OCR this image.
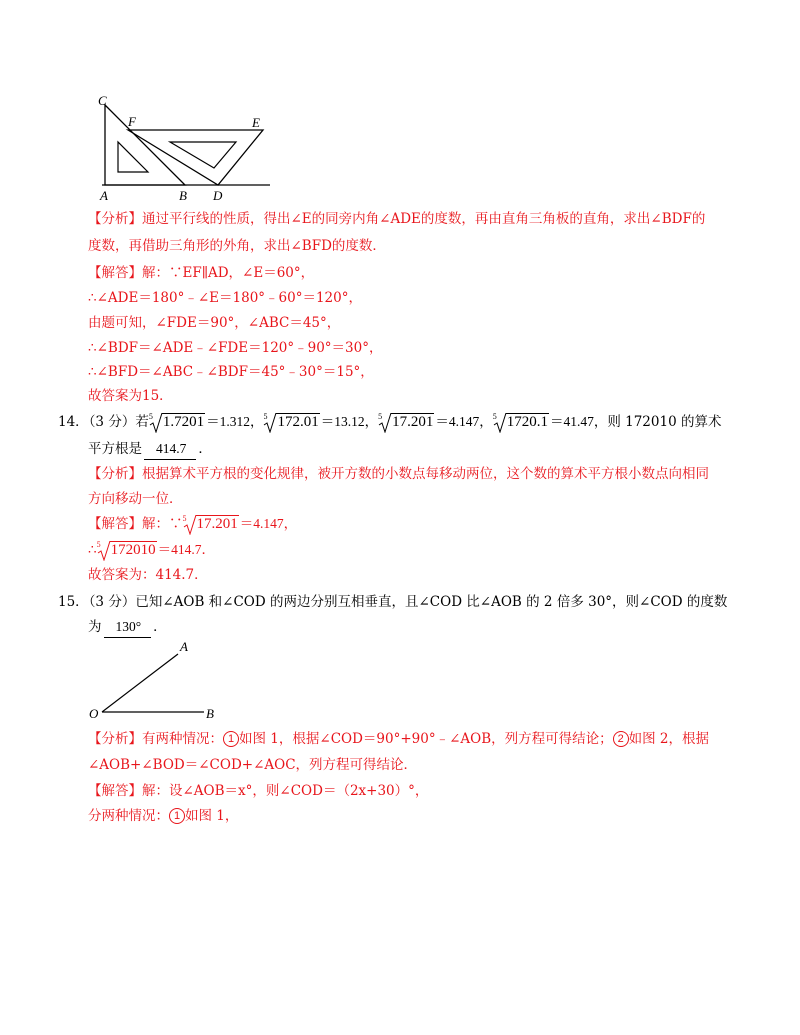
C
F	E
A	B D
【分析】通过平行线的性质，得出∠E的同旁内角∠ADE的度数，再由直角三角板的直角，求出∠BDF的
度数，再借助三角形的外角，求出∠BFD的度数．
【解答】解：∵EF∥AD，∠E＝60°，
∴∠ADE＝180°﹣∠E＝180°﹣60°＝120°，
由题可知，∠FDE＝90°，∠ABC＝45°，
∴∠BDF＝∠ADE﹣∠FDE＝120°﹣90°＝30°，
∴∠BFD＝∠ABC﹣∠BDF＝45°﹣30°＝15°，
故答案为15．
14．（3 分）若 5 1.7201 ＝1.312， 5 172.01 ＝13.12， 5 17.201 ＝4.147， 5 1720.1 ＝41.47，则 172010 的算术
平方根是 414.7 ．
【分析】根据算术平方根的变化规律，被开方数的小数点每移动两位，这个数的算术平方根小数点向相同
方向移动一位．
【解答】解：∵ 5 17.201 ＝4.147，
∴ 5 172010 ＝414.7．
故答案为：414.7．
15．（3 分）已知∠AOB 和∠COD 的两边分别互相垂直，且∠COD 比∠AOB 的 2 倍多 30°，则∠COD 的度数
为 130° ．
A
O	B
【分析】有两种情况： 1 如图 1，根据∠COD＝90°+90°﹣∠AOB，列方程可得结论； 2 如图 2，根据
∠AOB+∠BOD＝∠COD+∠AOC，列方程可得结论．
【解答】解：设∠AOB＝x°，则∠COD＝（2x+30）°，
分两种情况： 1 如图 1，
